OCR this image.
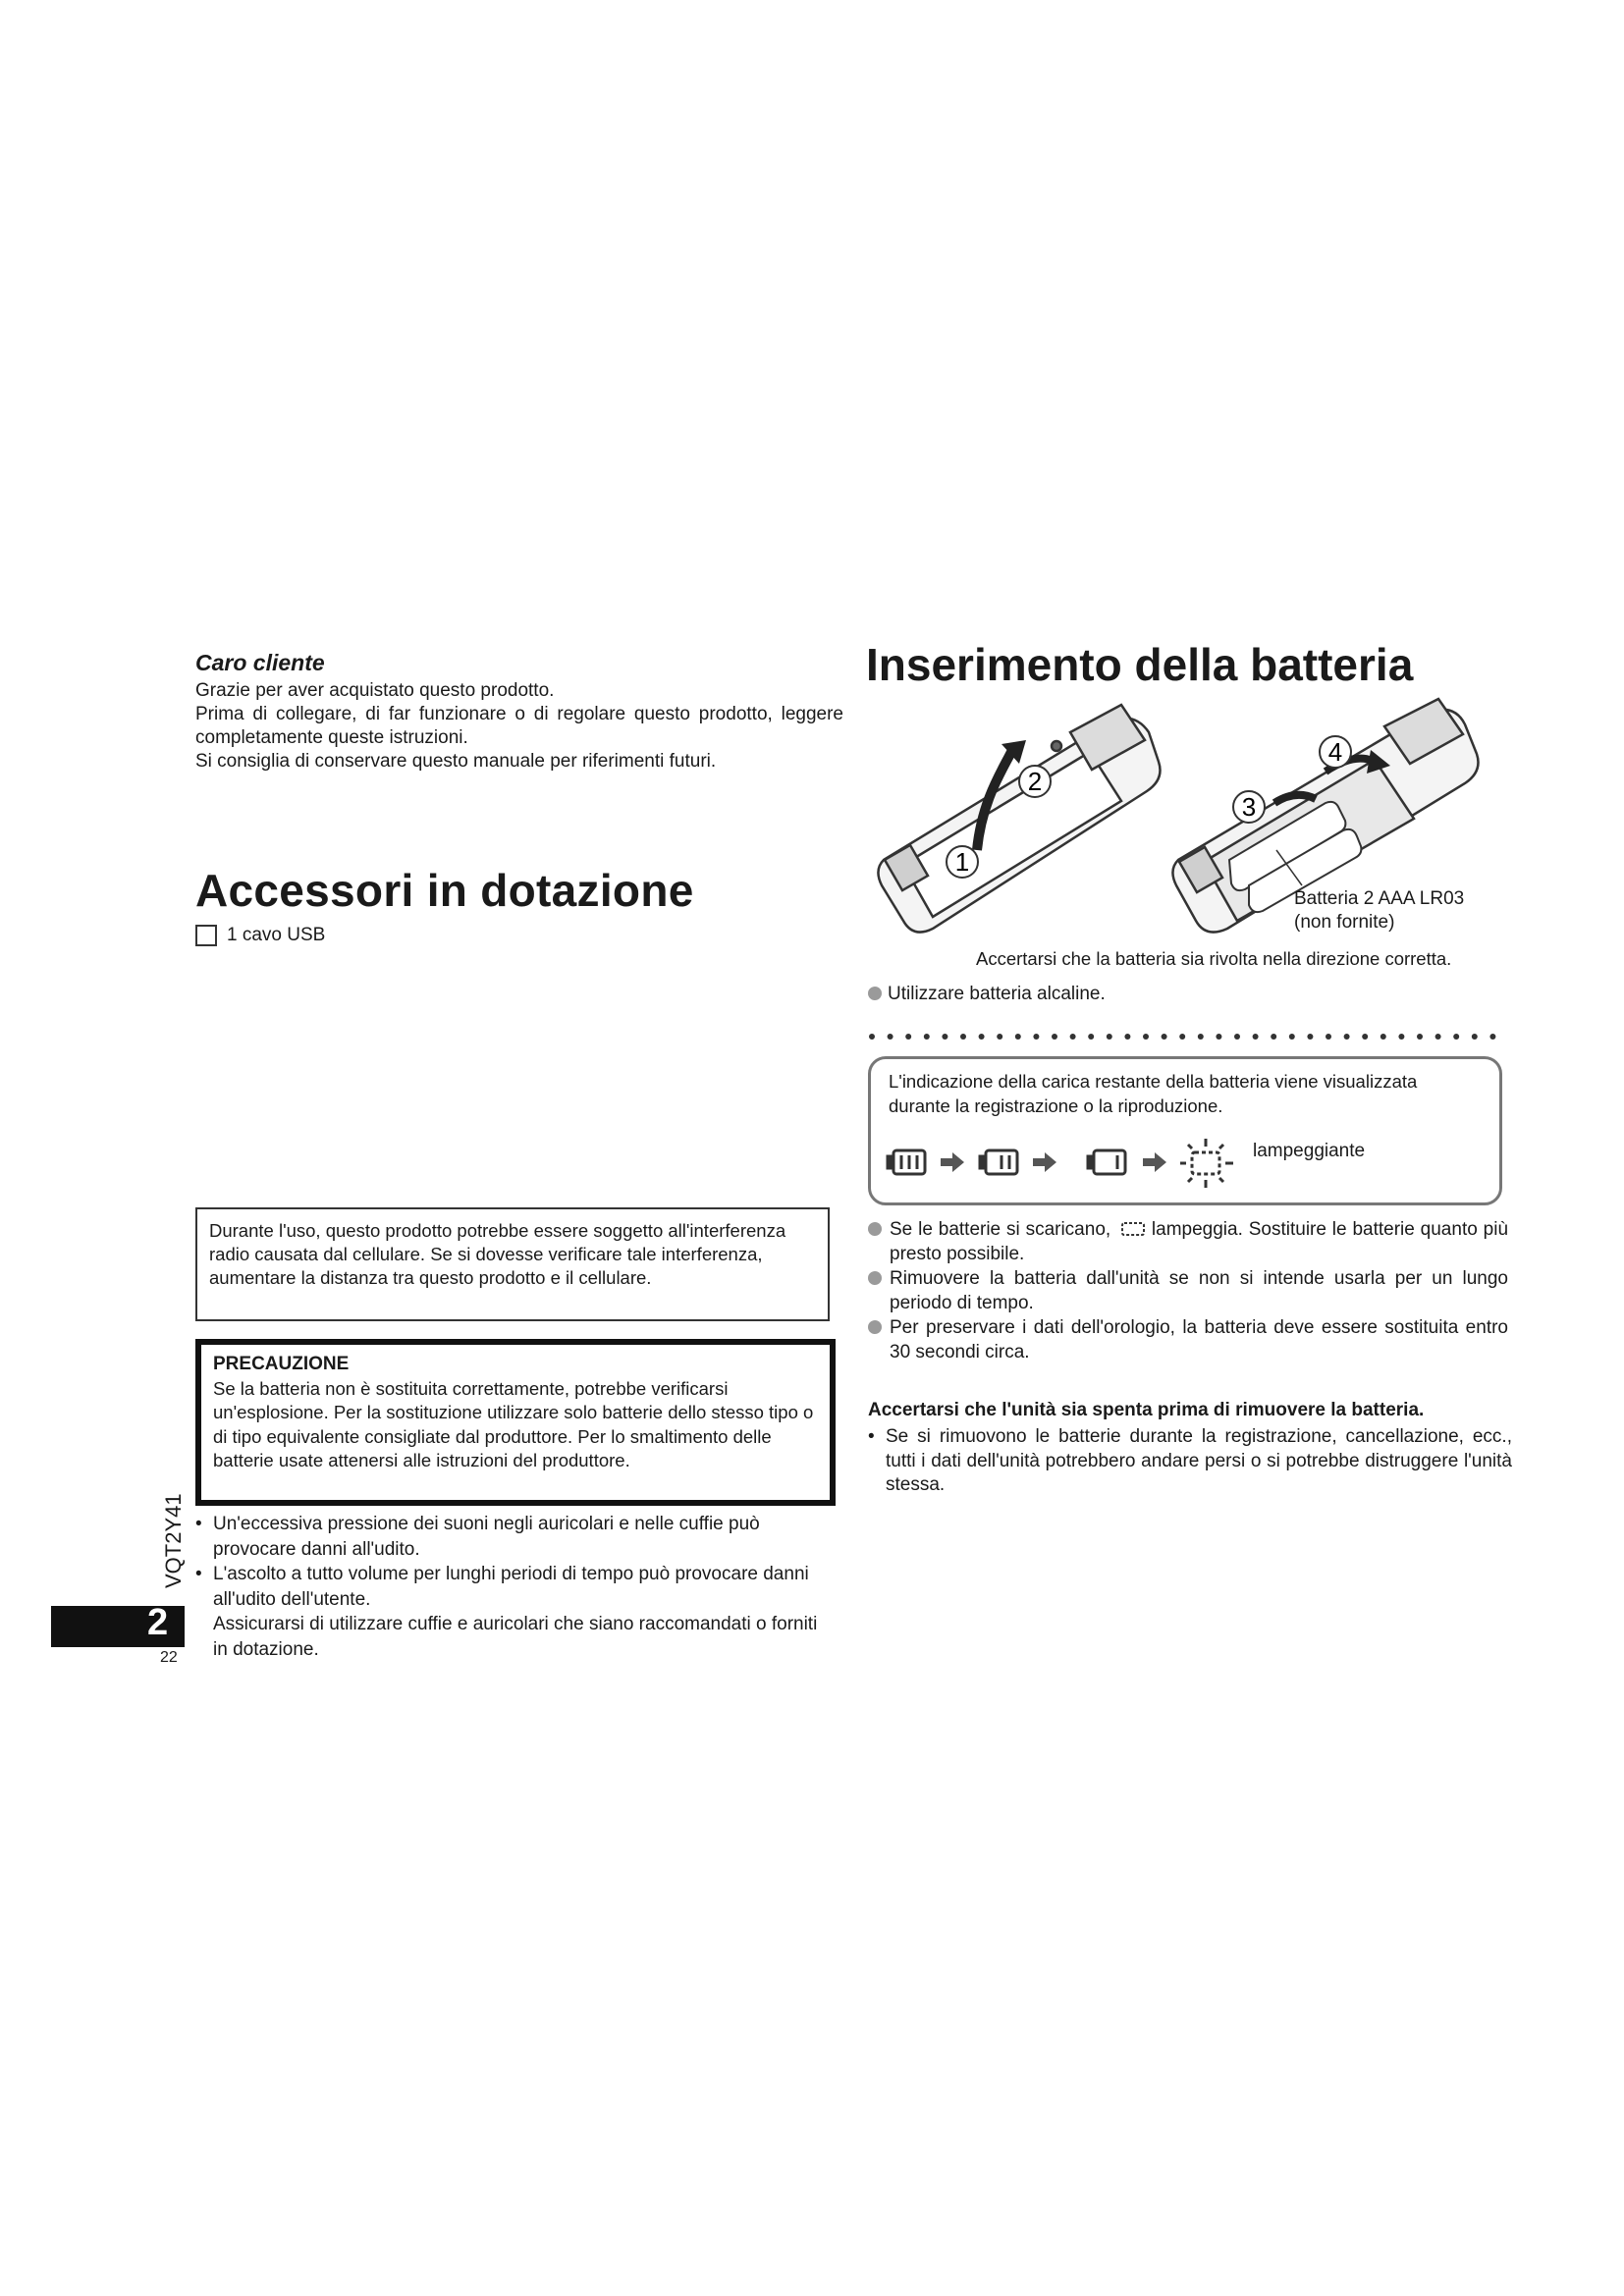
Caro cliente

Grazie per aver acquistato questo prodotto.

Prima di collegare, di far funzionare o di regolare questo prodotto, leggere completamente queste istruzioni.

Si consiglia di conservare questo manuale per riferimenti futuri.

Accessori in dotazione
1 cavo USB
Durante l'uso, questo prodotto potrebbe essere soggetto all'interferenza radio causata dal cellulare. Se si dovesse verificare tale interferenza, aumentare la distanza tra questo prodotto e il cellulare.
PRECAUZIONE
Se la batteria non è sostituita correttamente, potrebbe verificarsi un'esplosione. Per la sostituzione utilizzare solo batterie dello stesso tipo o di tipo equivalente consigliate dal produttore. Per lo smaltimento delle batterie usate attenersi alle istruzioni del produttore.
• Un'eccessiva pressione dei suoni negli auricolari e nelle cuffie può provocare danni all'udito.
• L'ascolto a tutto volume per lunghi periodi di tempo può provocare danni all'udito dell'utente.
Assicurarsi di utilizzare cuffie e auricolari che siano raccomandati o forniti in dotazione.
VQT2Y41
2
22
Inserimento della batteria
2
1
3
4
Batteria 2 AAA LR03
(non fornite)
Accertarsi che la batteria sia rivolta nella direzione corretta.
Utilizzare batteria alcaline.
L'indicazione della carica restante della batteria viene visualizzata durante la registrazione o la riproduzione.
lampeggiante
Se le batterie si scaricano, lampeggia. Sostituire le batterie quanto più presto possibile.
Rimuovere la batteria dall'unità se non si intende usarla per un lungo periodo di tempo.
Per preservare i dati dell'orologio, la batteria deve essere sostituita entro 30 secondi circa.
Accertarsi che l'unità sia spenta prima di rimuovere la batteria.
• Se si rimuovono le batterie durante la registrazione, cancellazione, ecc., tutti i dati dell'unità potrebbero andare persi o si potrebbe distruggere l'unità stessa.
